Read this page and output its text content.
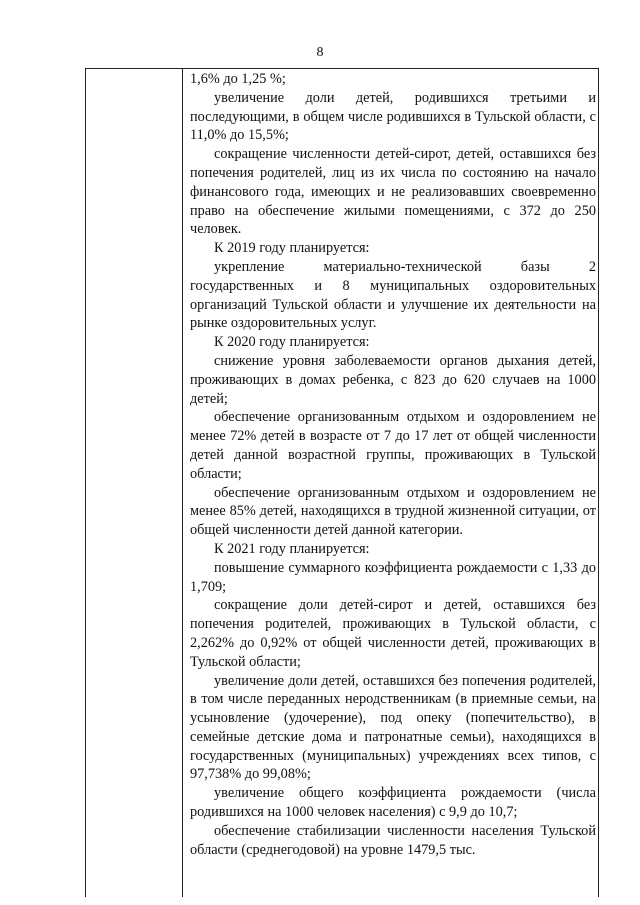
8

1,6% до 1,25 %;

увеличение доли детей, родившихся третьими и последующими, в общем числе родившихся в Тульской области, с 11,0% до 15,5%;

сокращение численности детей-сирот, детей, оставшихся без попечения родителей, лиц из их числа по состоянию на начало финансового года, имеющих и не реализовавших своевременно право на обеспечение жилыми помещениями, с 372 до 250 человек.

К 2019 году планируется:

укрепление материально-технической базы 2 государственных и 8 муниципальных оздоровительных организаций Тульской области и улучшение их деятельности на рынке оздоровительных услуг.

К 2020 году планируется:

снижение уровня заболеваемости органов дыхания детей, проживающих в домах ребенка, с 823 до 620 случаев на 1000 детей;

обеспечение организованным отдыхом и оздоровлением не менее 72% детей в возрасте от 7 до 17 лет от общей численности детей данной возрастной группы, проживающих в Тульской области;

обеспечение организованным отдыхом и оздоровлением не менее 85% детей, находящихся в трудной жизненной ситуации, от общей численности детей данной категории.

К 2021 году планируется:

повышение суммарного коэффициента рождаемости с 1,33 до 1,709;

сокращение доли детей-сирот и детей, оставшихся без попечения родителей, проживающих в Тульской области, с 2,262% до 0,92% от общей численности детей, проживающих в Тульской области;

увеличение доли детей, оставшихся без попечения родителей, в том числе переданных неродственникам (в приемные семьи, на усыновление (удочерение), под опеку (попечительство), в семейные детские дома и патронатные семьи), находящихся в государственных (муниципальных) учреждениях всех типов, с 97,738% до 99,08%;

увеличение общего коэффициента рождаемости (числа родившихся на 1000 человек населения) с 9,9 до 10,7;

обеспечение стабилизации численности населения Тульской области (среднегодовой) на уровне 1479,5 тыс.
